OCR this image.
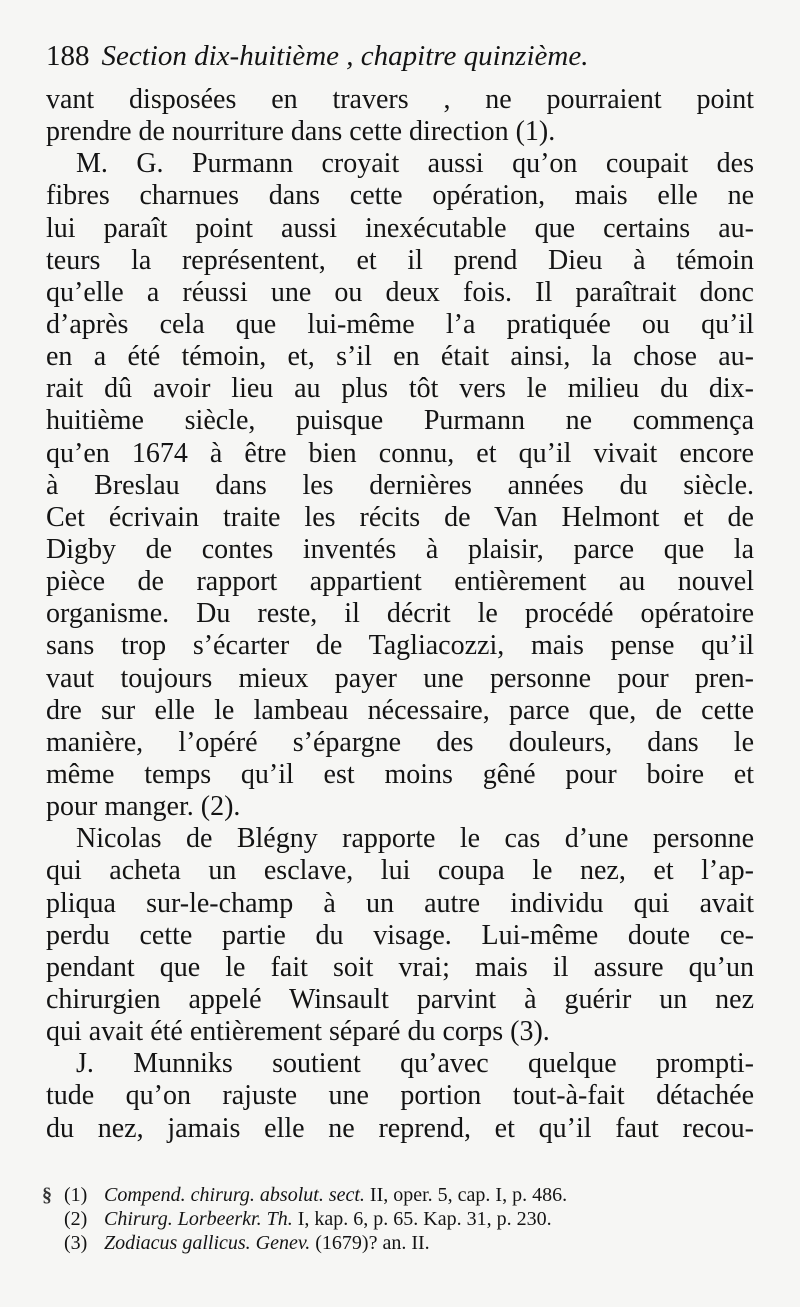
188 Section dix-huitième , chapitre quinzième.
vant disposées en travers , ne pourraient point
prendre de nourriture dans cette direction (1).
M. G. Purmann croyait aussi qu’on coupait des
fibres charnues dans cette opération, mais elle ne
lui paraît point aussi inexécutable que certains au-
teurs la représentent, et il prend Dieu à témoin
qu’elle a réussi une ou deux fois. Il paraîtrait donc
d’après cela que lui-même l’a pratiquée ou qu’il
en a été témoin, et, s’il en était ainsi, la chose au-
rait dû avoir lieu au plus tôt vers le milieu du dix-
huitième siècle, puisque Purmann ne commença
qu’en 1674 à être bien connu, et qu’il vivait encore
à Breslau dans les dernières années du siècle.
Cet écrivain traite les récits de Van Helmont et de
Digby de contes inventés à plaisir, parce que la
pièce de rapport appartient entièrement au nouvel
organisme. Du reste, il décrit le procédé opératoire
sans trop s’écarter de Tagliacozzi, mais pense qu’il
vaut toujours mieux payer une personne pour pren-
dre sur elle le lambeau nécessaire, parce que, de cette
manière, l’opéré s’épargne des douleurs, dans le
même temps qu’il est moins gêné pour boire et
pour manger. (2).
Nicolas de Blégny rapporte le cas d’une personne
qui acheta un esclave, lui coupa le nez, et l’ap-
pliqua sur-le-champ à un autre individu qui avait
perdu cette partie du visage. Lui-même doute ce-
pendant que le fait soit vrai; mais il assure qu’un
chirurgien appelé Winsault parvint à guérir un nez
qui avait été entièrement séparé du corps (3).
J. Munniks soutient qu’avec quelque prompti-
tude qu’on rajuste une portion tout-à-fait détachée
du nez, jamais elle ne reprend, et qu’il faut recou-
§ (1) Compend. chirurg. absolut. sect. II, oper. 5, cap. I, p. 486.
(2) Chirurg. Lorbeerkr. Th. I, kap. 6, p. 65. Kap. 31, p. 230.
(3) Zodiacus gallicus. Genev. (1679)? an. II.
